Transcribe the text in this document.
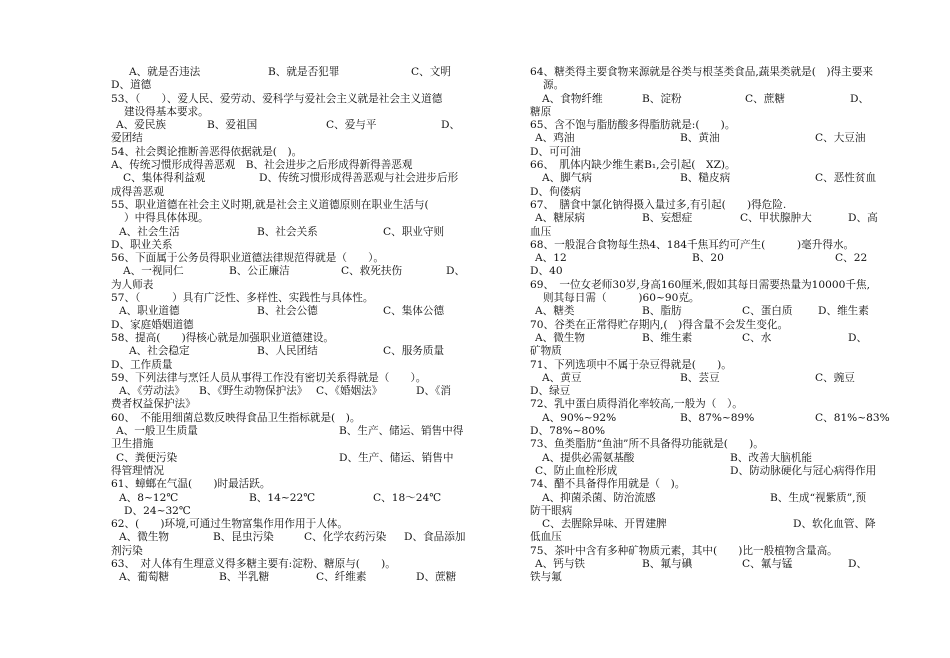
A、就是否违法	B、就是否犯罪	C、文明
D、道德
53、（　　）、爱人民、爱劳动、爱科学与爱社会主义就是社会主义道德
建设得基本要求。
A、爱民族	B、爱祖国	C、爱与平	D、
爱团结
54、社会舆论推断善恶得依据就是(　)。
A、传统习惯形成得善恶观　B、社会进步之后形成得新得善恶观
C、集体得利益观	D、传统习惯形成得善恶观与社会进步后形
成得善恶观
55、职业道德在社会主义时期,就是社会主义道德原则在职业生活与(
）中得具体体现。
A、社会生活	B、社会关系	C、职业守则
D、职业关系
56、下面属于公务员得职业道德法律规范得就是（　　）。
A、一视同仁	B、公正廉洁	C、救死扶伤	D、
为人师表
57、（　　　）具有广泛性、多样性、实践性与具体性。
A、职业道德	B、社会公德	C、集体公德
D、家庭婚姻道德
58、提高(　　)得核心就是加强职业道德建设。
A、社会稳定	B、人民团结	C、服务质量
D、工作质量
59、下列法律与烹饪人员从事得工作没有密切关系得就是（　　）。
A、《劳动法》 B、《野生动物保护法》 C、《婚姻法》	D、《消
费者权益保护法》
60、　不能用细菌总数反映得食品卫生指标就是(　)。
A、一般卫生质量	B、生产、储运、销售中得
卫生措施
C、粪便污染	D、生产、储运、销售中
得管理情况
61、蟑螂在气温(　　)时最活跃。
A、8~12℃	B、14~22℃	C、18～24℃
D、24~32℃
62、(　　)环境,可通过生物富集作用作用于人体。
A、微生物	B、昆虫污染	C、化学农药污染 D、食品添加
剂污染
63、　对人体有生理意义得多糖主要有:淀粉、糖原与(　　)。
A、葡萄糖	B、半乳糖	C、纤维素	D、蔗糖
64、糖类得主要食物来源就是谷类与根茎类食品,蔬果类就是(　)得主要来
源。
A、食物纤维	B、淀粉	C、蔗糖	D、
糖原
65、含不饱与脂肪酸多得脂肪就是:(　　)。
A、鸡油	B、黄油	C、大豆油
D、可可油
66、　肌体内缺少维生素B₁,会引起(　XZ)。
A、脚气病	B、糙皮病	C、恶性贫血
D、佝偻病
67、　膳食中氯化钠得摄入量过多,有引起(　　)得危险.
A、糖尿病	B、妄想症	C、甲状腺肿大	D、高
血压
68、一般混合食物每生热4、184千焦耳约可产生(　　　)毫升得水。
A、12	B、20	C、22
D、40
69、　一位女老师30岁,身高160厘米,假如其每日需要热量为10000千焦,
则其每日需（　　　)60~90克。
A、糖类	B、脂肪	C、蛋白质 D、维生素
70、谷类在正常得贮存期内,(　)得含量不会发生变化。
A、微生物	B、维生素	C、水	D、
矿物质
71、下列选项中不属于杂豆得就是(　　)。
A、黄豆	B、芸豆	C、豌豆
D、绿豆
72、乳中蛋白质得消化率较高,一般为（　）。
A、90%~92%	B、87%~89%	C、81%~83%
D、78%~80%
73、鱼类脂肪“鱼油”所不具备得功能就是(　　)。
A、提供必需氨基酸	B、改善大脑机能
C、防止血栓形成	D、防动脉硬化与冠心病得作用
74、醋不具备得作用就是（　)。
A、抑菌杀菌、防治流感	B、生成“视紫质”,预
防干眼病
C、去腥除异味、开胃建脾	D、软化血管、降
低血压
75、茶叶中含有多种矿物质元素，其中(　　)比一般植物含量高。
A、钙与铁	B、氟与碘	C、氟与锰	D、
铁与氟
